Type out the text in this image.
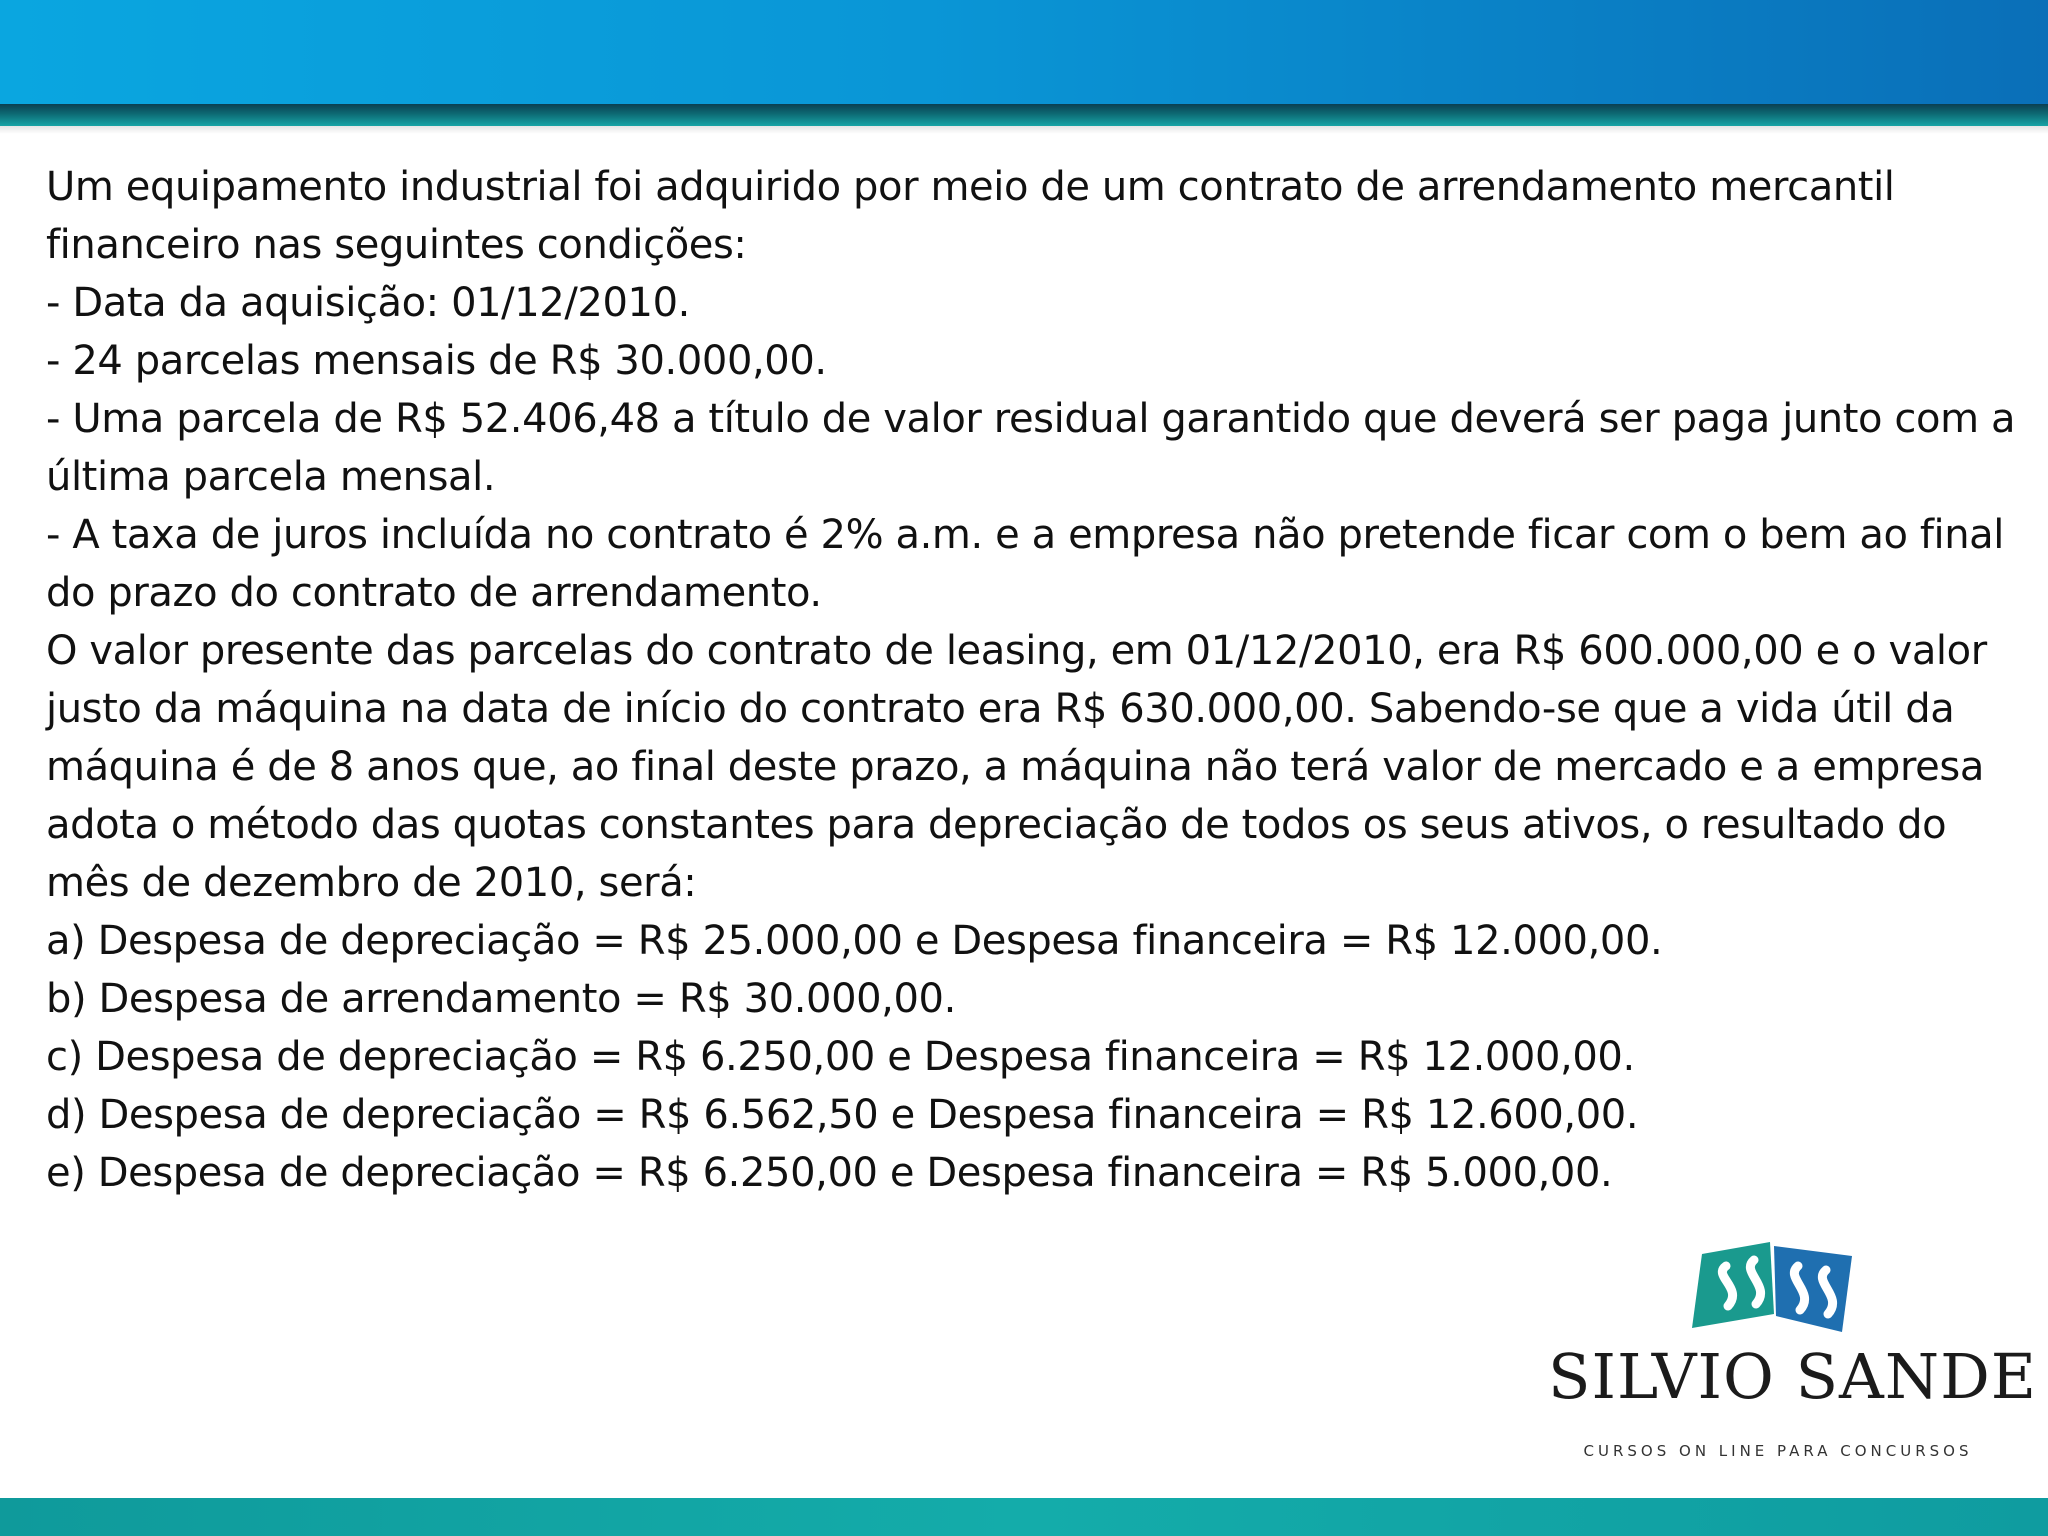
Um equipamento industrial foi adquirido por meio de um contrato de arrendamento mercantil
financeiro nas seguintes condições:
- Data da aquisição: 01/12/2010.
- 24 parcelas mensais de R$ 30.000,00.
- Uma parcela de R$ 52.406,48 a título de valor residual garantido que deverá ser paga junto com a
última parcela mensal.
- A taxa de juros incluída no contrato é 2% a.m. e a empresa não pretende ficar com o bem ao final
do prazo do contrato de arrendamento.
O valor presente das parcelas do contrato de leasing, em 01/12/2010, era R$ 600.000,00 e o valor
justo da máquina na data de início do contrato era R$ 630.000,00. Sabendo-se que a vida útil da
máquina é de 8 anos que, ao final deste prazo, a máquina não terá valor de mercado e a empresa
adota o método das quotas constantes para depreciação de todos os seus ativos, o resultado do
mês de dezembro de 2010, será:
a) Despesa de depreciação = R$ 25.000,00 e Despesa financeira = R$ 12.000,00.
b) Despesa de arrendamento = R$ 30.000,00.
c) Despesa de depreciação = R$ 6.250,00 e Despesa financeira = R$ 12.000,00.
d) Despesa de depreciação = R$ 6.562,50 e Despesa financeira = R$ 12.600,00.
e) Despesa de depreciação = R$ 6.250,00 e Despesa financeira = R$ 5.000,00.
SILVIO SANDE
CURSOS ON LINE PARA CONCURSOS
